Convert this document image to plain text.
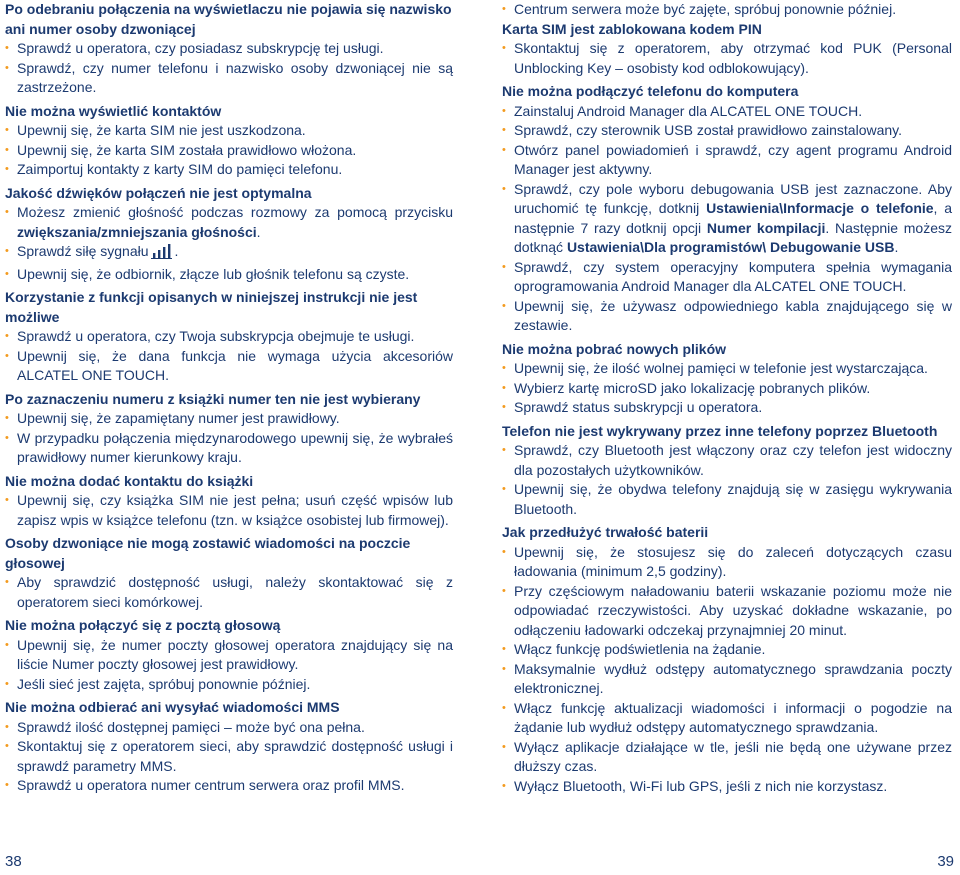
Po odebraniu połączenia na wyświetlaczu nie pojawia się nazwisko ani numer osoby dzwoniącej

• Sprawdź u operatora, czy posiadasz subskrypcję tej usługi.
• Sprawdź, czy numer telefonu i nazwisko osoby dzwoniącej nie są zastrzeżone.

Nie można wyświetlić kontaktów

• Upewnij się, że karta SIM nie jest uszkodzona.
• Upewnij się, że karta SIM została prawidłowo włożona.
• Zaimportuj kontakty z karty SIM do pamięci telefonu.

Jakość dźwięków połączeń nie jest optymalna

• Możesz zmienić głośność podczas rozmowy za pomocą przycisku zwiększania/zmniejszania głośności.
• Sprawdź siłę sygnału .
• Upewnij się, że odbiornik, złącze lub głośnik telefonu są czyste.

Korzystanie z funkcji opisanych w niniejszej instrukcji nie jest możliwe

• Sprawdź u operatora, czy Twoja subskrypcja obejmuje te usługi.
• Upewnij się, że dana funkcja nie wymaga użycia akcesoriów ALCATEL ONE TOUCH.

Po zaznaczeniu numeru z książki numer ten nie jest wybierany

• Upewnij się, że zapamiętany numer jest prawidłowy.
• W przypadku połączenia międzynarodowego upewnij się, że wybrałeś prawidłowy numer kierunkowy kraju.

Nie można dodać kontaktu do książki

• Upewnij się, czy książka SIM nie jest pełna; usuń część wpisów lub zapisz wpis w książce telefonu (tzn. w książce osobistej lub firmowej).

Osoby dzwoniące nie mogą zostawić wiadomości na poczcie głosowej

• Aby sprawdzić dostępność usługi, należy skontaktować się z operatorem sieci komórkowej.

Nie można połączyć się z pocztą głosową

• Upewnij się, że numer poczty głosowej operatora znajdujący się na liście Numer poczty głosowej jest prawidłowy.
• Jeśli sieć jest zajęta, spróbuj ponownie później.

Nie można odbierać ani wysyłać wiadomości MMS

• Sprawdź ilość dostępnej pamięci – może być ona pełna.
• Skontaktuj się z operatorem sieci, aby sprawdzić dostępność usługi i sprawdź parametry MMS.
• Sprawdź u operatora numer centrum serwera oraz profil MMS.
• Centrum serwera może być zajęte, spróbuj ponownie później.

Karta SIM jest zablokowana kodem PIN

• Skontaktuj się z operatorem, aby otrzymać kod PUK (Personal Unblocking Key – osobisty kod odblokowujący).

Nie można podłączyć telefonu do komputera

• Zainstaluj Android Manager dla ALCATEL ONE TOUCH.
• Sprawdź, czy sterownik USB został prawidłowo zainstalowany.
• Otwórz panel powiadomień i sprawdź, czy agent programu Android Manager jest aktywny.
• Sprawdź, czy pole wyboru debugowania USB jest zaznaczone. Aby uruchomić tę funkcję, dotknij Ustawienia\Informacje o telefonie, a następnie 7 razy dotknij opcji Numer kompilacji. Następnie możesz dotknąć Ustawienia\Dla programistów\ Debugowanie USB.
• Sprawdź, czy system operacyjny komputera spełnia wymagania oprogramowania Android Manager dla ALCATEL ONE TOUCH.
• Upewnij się, że używasz odpowiedniego kabla znajdującego się w zestawie.

Nie można pobrać nowych plików

• Upewnij się, że ilość wolnej pamięci w telefonie jest wystarczająca.
• Wybierz kartę microSD jako lokalizację pobranych plików.
• Sprawdź status subskrypcji u operatora.

Telefon nie jest wykrywany przez inne telefony poprzez Bluetooth

• Sprawdź, czy Bluetooth jest włączony oraz czy telefon jest widoczny dla pozostałych użytkowników.
• Upewnij się, że obydwa telefony znajdują się w zasięgu wykrywania Bluetooth.

Jak przedłużyć trwałość baterii

• Upewnij się, że stosujesz się do zaleceń dotyczących czasu ładowania (minimum 2,5 godziny).
• Przy częściowym naładowaniu baterii wskazanie poziomu może nie odpowiadać rzeczywistości. Aby uzyskać dokładne wskazanie, po odłączeniu ładowarki odczekaj przynajmniej 20 minut.
• Włącz funkcję podświetlenia na żądanie.
• Maksymalnie wydłuż odstępy automatycznego sprawdzania poczty elektronicznej.
• Włącz funkcję aktualizacji wiadomości i informacji o pogodzie na żądanie lub wydłuż odstępy automatycznego sprawdzania.
• Wyłącz aplikacje działające w tle, jeśli nie będą one używane przez dłuższy czas.
• Wyłącz Bluetooth, Wi-Fi lub GPS, jeśli z nich nie korzystasz.
38	39
